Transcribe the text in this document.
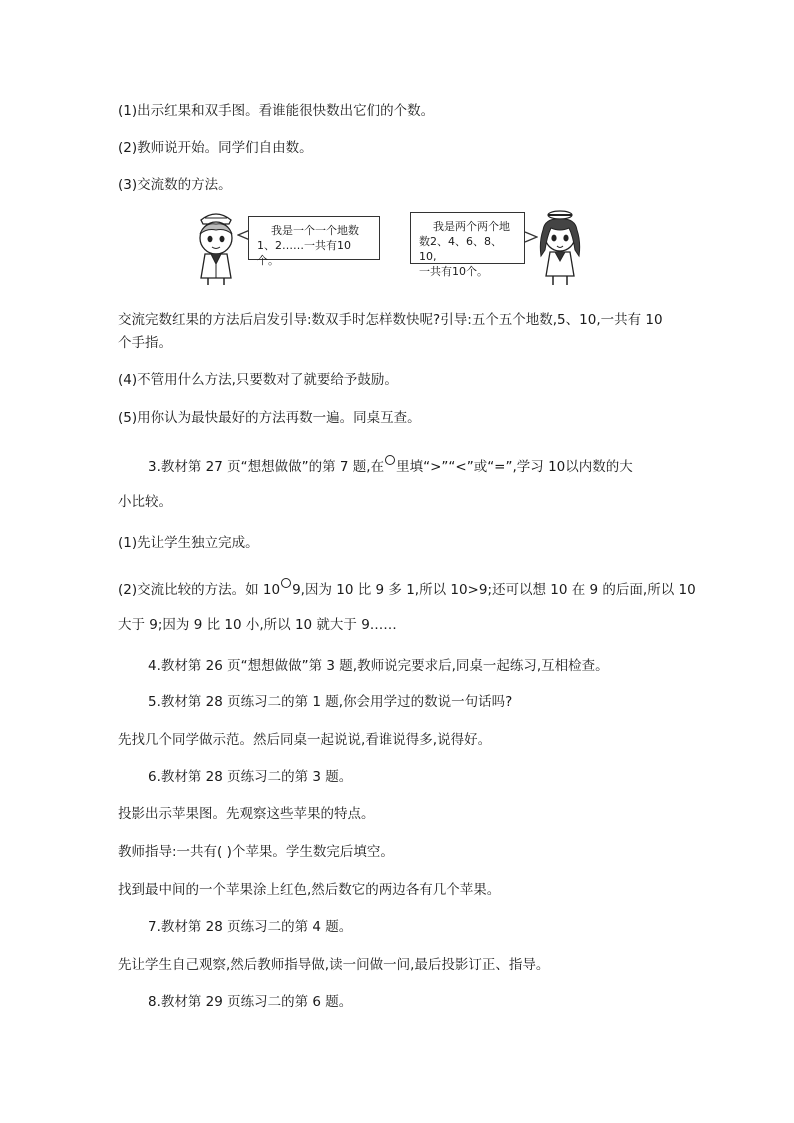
(1)出示红果和双手图。看谁能很快数出它们的个数。
(2)教师说开始。同学们自由数。
(3)交流数的方法。
我是一个一个地数
1、2……一共有10个。
我是两个两个地
数2、4、6、8、10,
一共有10个。
交流完数红果的方法后启发引导:数双手时怎样数快呢?引导:五个五个地数,5、10,一共有 10
个手指。
(4)不管用什么方法,只要数对了就要给予鼓励。
(5)用你认为最快最好的方法再数一遍。同桌互查。
3.教材第 27 页“想想做做”的第 7 题,在 里填“>”“<”或“=”,学习 10以内数的大
小比较。
(1)先让学生独立完成。
(2)交流比较的方法。如 10 9,因为 10 比 9 多 1,所以 10>9;还可以想 10 在 9 的后面,所以 10
大于 9;因为 9 比 10 小,所以 10 就大于 9……
4.教材第 26 页“想想做做”第 3 题,教师说完要求后,同桌一起练习,互相检查。
5.教材第 28 页练习二的第 1 题,你会用学过的数说一句话吗?
先找几个同学做示范。然后同桌一起说说,看谁说得多,说得好。
6.教材第 28 页练习二的第 3 题。
投影出示苹果图。先观察这些苹果的特点。
教师指导:一共有( )个苹果。学生数完后填空。
找到最中间的一个苹果涂上红色,然后数它的两边各有几个苹果。
7.教材第 28 页练习二的第 4 题。
先让学生自己观察,然后教师指导做,读一问做一问,最后投影订正、指导。
8.教材第 29 页练习二的第 6 题。
